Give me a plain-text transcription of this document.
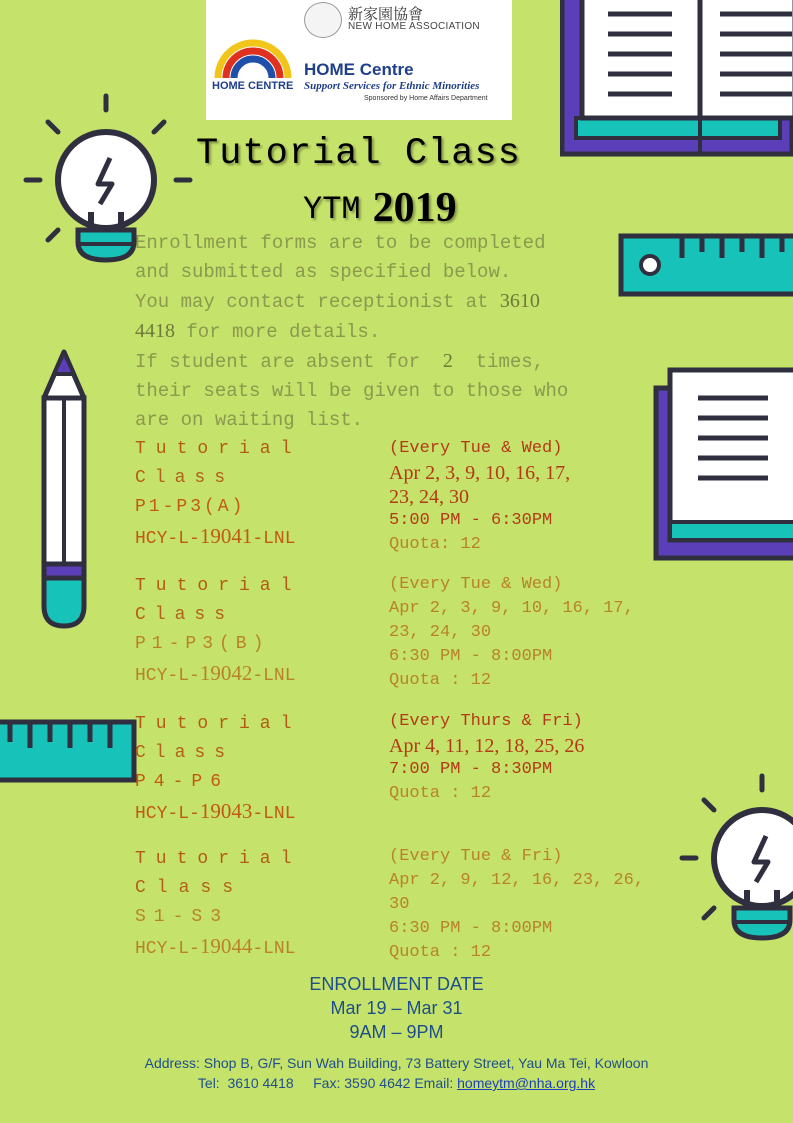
新家園協會
NEW HOME ASSOCIATION
HOME CENTRE
HOME Centre
Support Services for Ethnic Minorities
Sponsored by Home Affairs Department
Tutorial Class
YTM 2019

Enrollment forms are to be completed

and submitted as specified below.

You may contact receptionist at 3610

4418 for more details.

If student are absent for 2 times,

their seats will be given to those who

are on waiting list.

Tutorial
Class
P1-P3(A)
HCY-L-19041-LNL
(Every Tue & Wed)
Apr 2, 3, 9, 10, 16, 17,
23, 24, 30
5:00 PM - 6:30PM
Quota: 12
Tutorial
Class
P1-P3(B)
HCY-L-19042-LNL
(Every Tue & Wed)
Apr 2, 3, 9, 10, 16, 17,
23, 24, 30
6:30 PM - 8:00PM
Quota : 12
Tutorial
Class
P4-P6
HCY-L-19043-LNL
(Every Thurs & Fri)
Apr 4, 11, 12, 18, 25, 26
7:00 PM - 8:30PM
Quota : 12
Tutorial
Class
S1-S3
HCY-L-19044-LNL
(Every Tue & Fri)
Apr 2, 9, 12, 16, 23, 26,
30
6:30 PM - 8:00PM
Quota : 12
ENROLLMENT DATE
Mar 19 – Mar 31
9AM – 9PM
Address: Shop B, G/F, Sun Wah Building, 73 Battery Street, Yau Ma Tei, Kowloon
Tel: 3610 4418 Fax: 3590 4642 Email: homeytm@nha.org.hk
